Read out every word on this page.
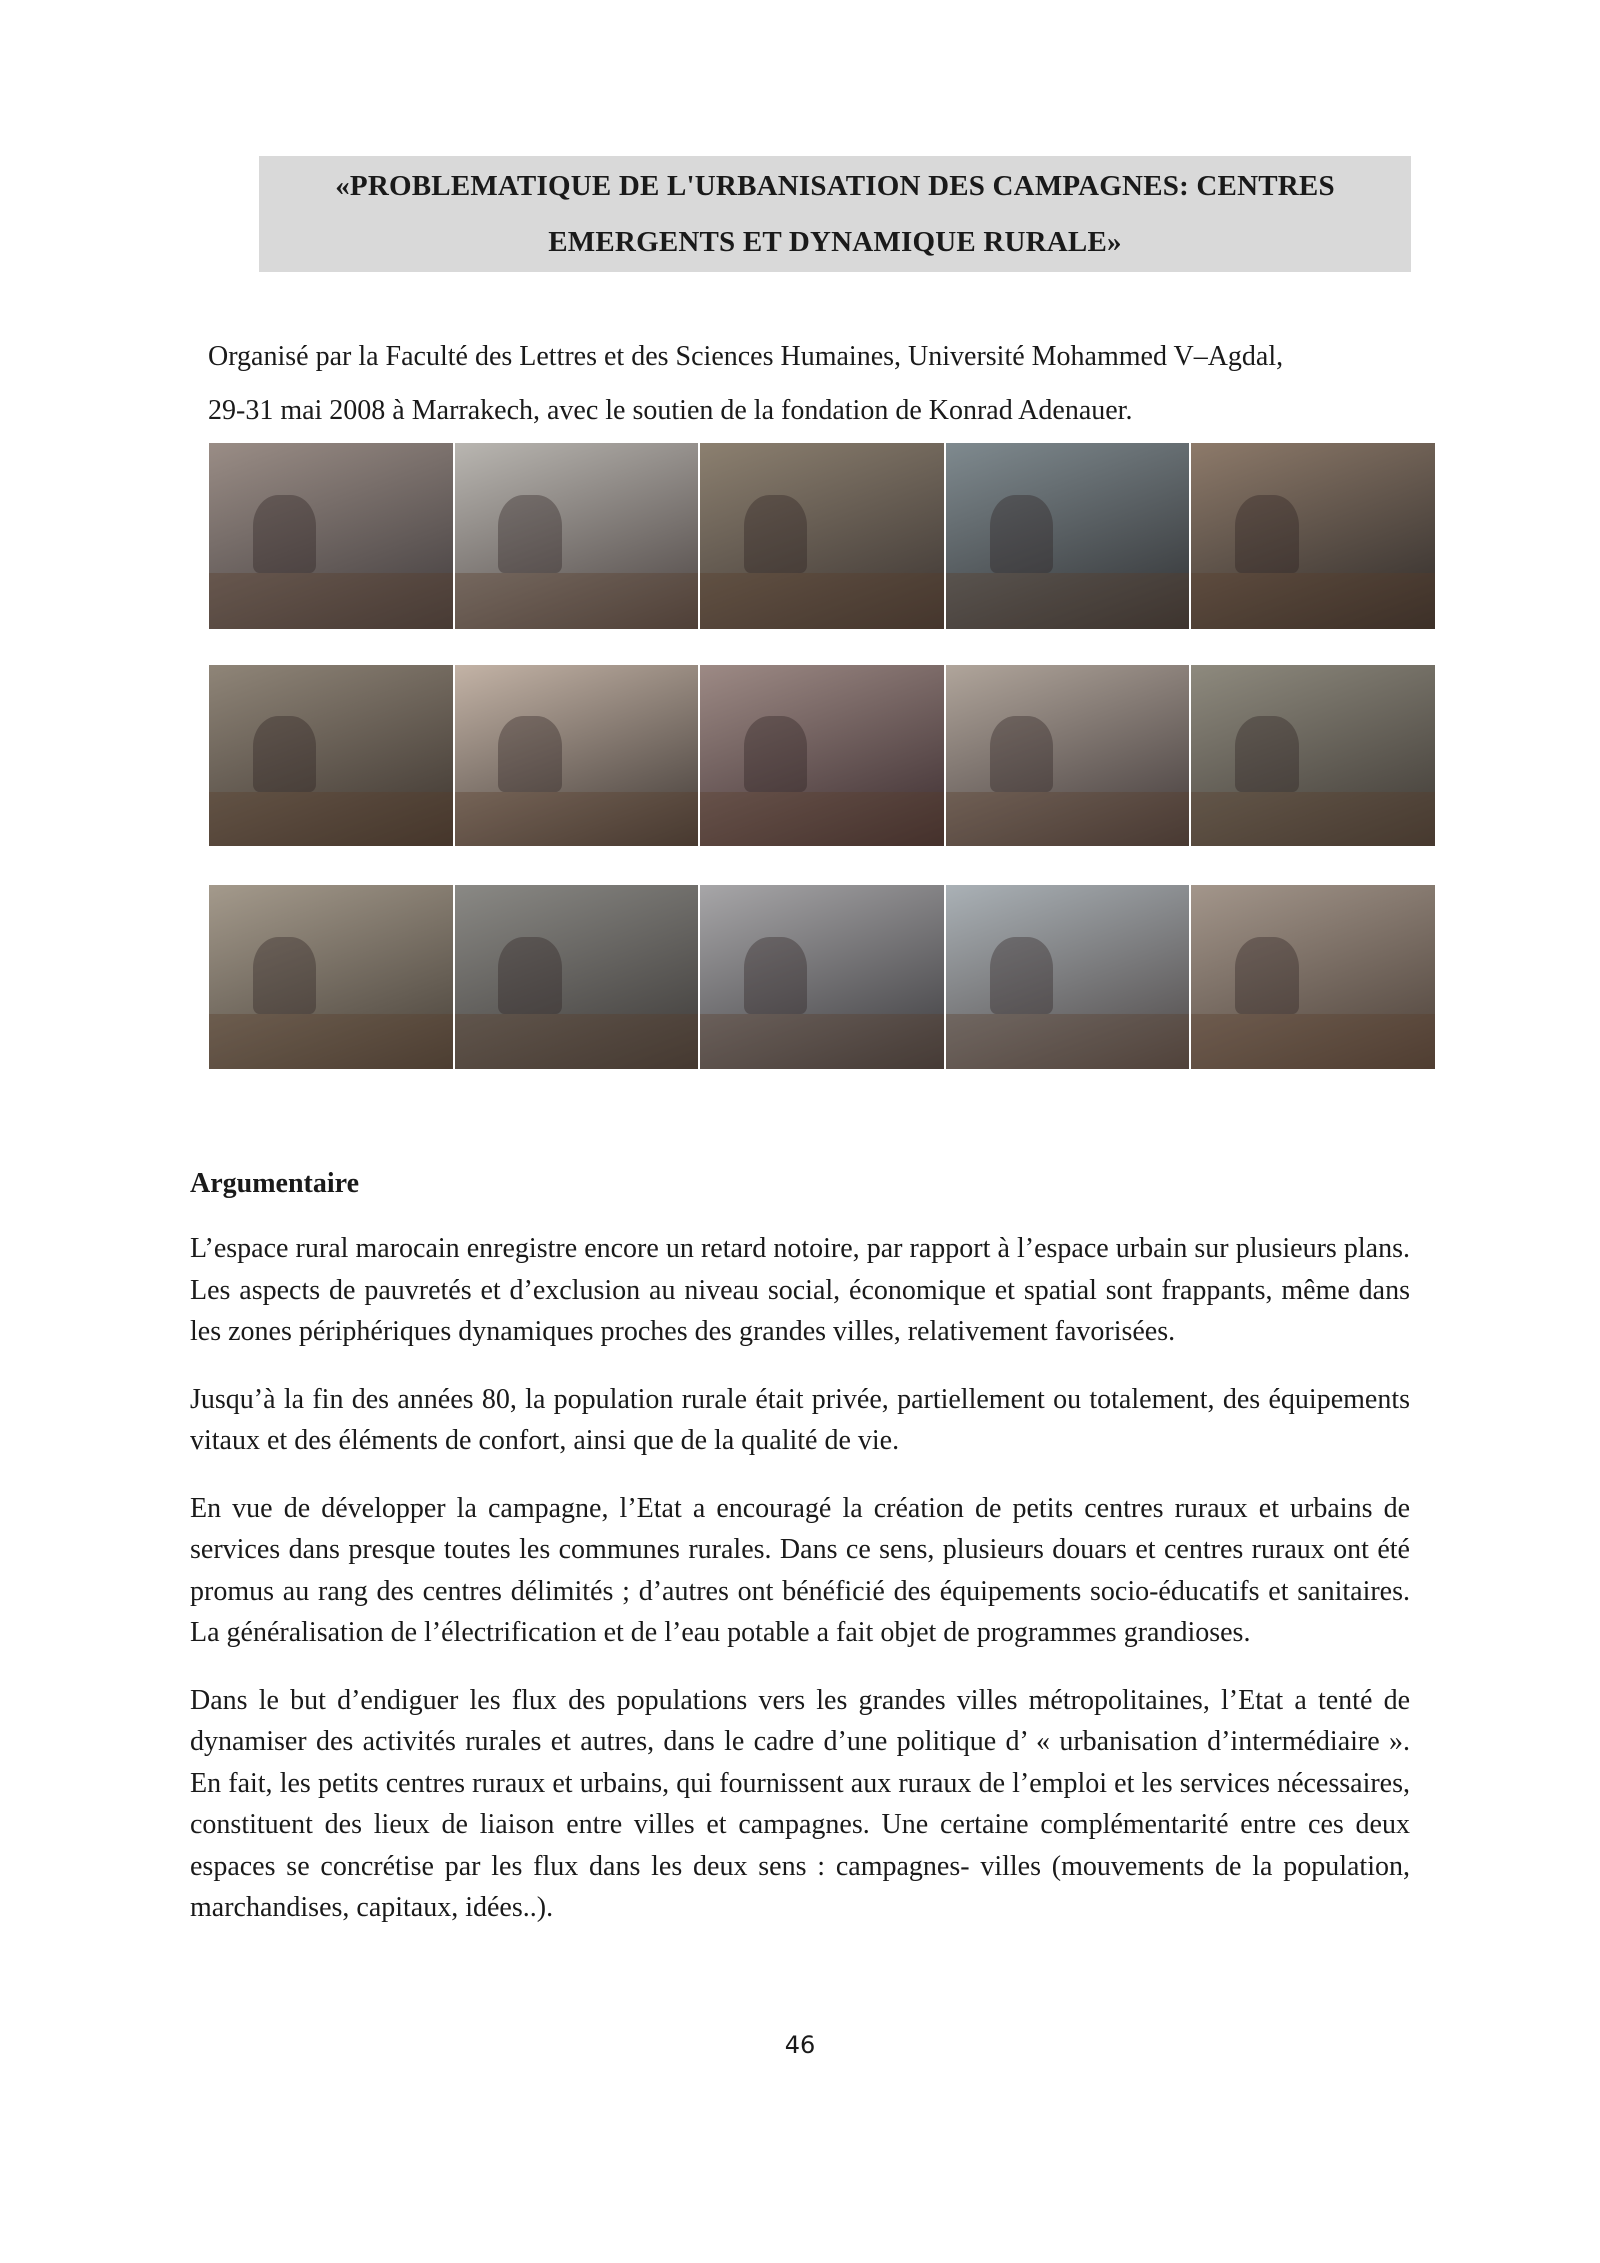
«PROBLEMATIQUE DE L'URBANISATION DES CAMPAGNES: CENTRES
EMERGENTS ET DYNAMIQUE RURALE»
Organisé par la Faculté des Lettres et des Sciences Humaines, Université Mohammed V–Agdal,
29-31 mai 2008 à Marrakech, avec le soutien de la fondation de Konrad Adenauer.
Argumentaire

L’espace rural marocain enregistre encore un retard notoire, par rapport à l’espace urbain sur plusieurs plans. Les aspects de pauvretés et d’exclusion au niveau social, économique et spatial sont frappants, même dans les zones périphériques dynamiques proches des grandes villes, relativement favorisées.

Jusqu’à la fin des années 80, la population rurale était privée, partiellement ou totalement, des équipements vitaux et des éléments de confort, ainsi que de la qualité de vie.

En vue de développer la campagne, l’Etat a encouragé la création de petits centres ruraux et urbains de services dans presque toutes les communes rurales. Dans ce sens, plusieurs douars et centres ruraux ont été promus au rang des centres délimités ; d’autres ont bénéficié des équipements socio-éducatifs et sanitaires. La généralisation de l’électrification et de l’eau potable a fait objet de programmes grandioses.

Dans le but d’endiguer les flux des populations vers les grandes villes métropolitaines, l’Etat a tenté de dynamiser des activités rurales et autres, dans le cadre d’une politique d’ « urbanisation d’intermédiaire ». En fait, les petits centres ruraux et urbains, qui fournissent aux ruraux de l’emploi et les services nécessaires, constituent des lieux de liaison entre villes et campagnes. Une certaine complémentarité entre ces deux espaces se concrétise par les flux dans les deux sens : campagnes- villes (mouvements de la population, marchandises, capitaux, idées..).

46
